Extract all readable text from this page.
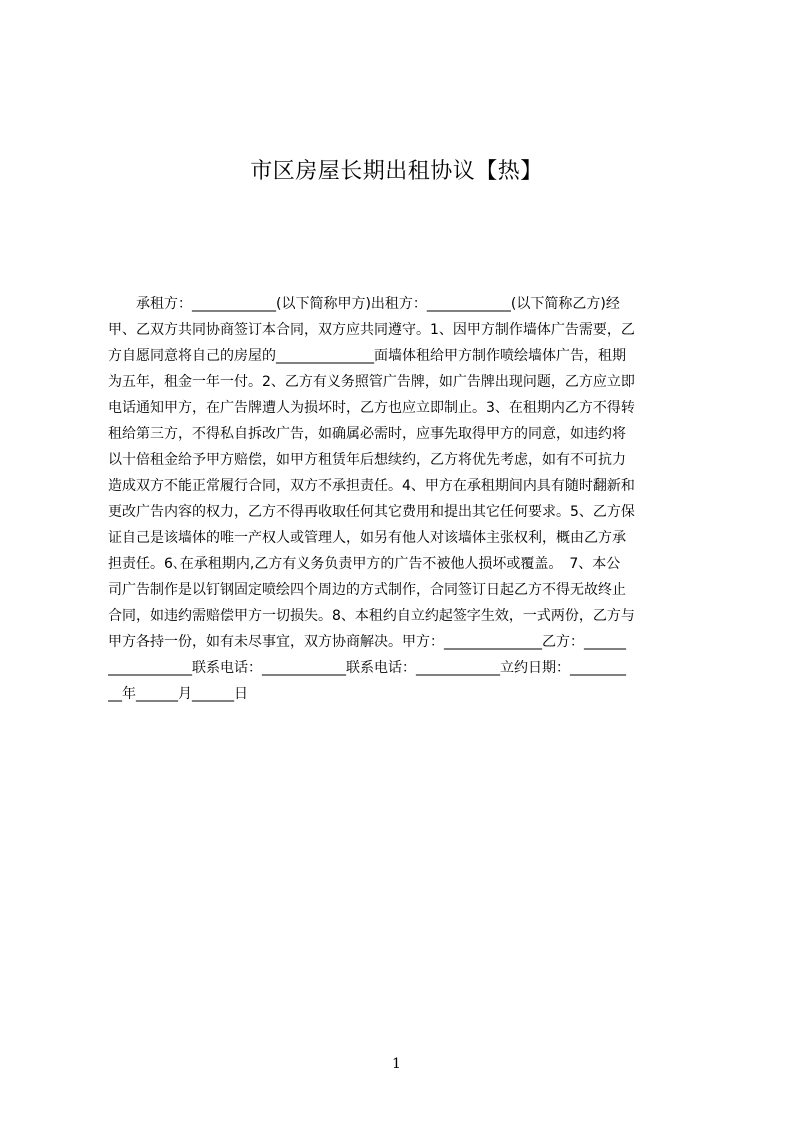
市区房屋长期出租协议【热】
　　承租方：____________(以下简称甲方)出租方：____________(以下简称乙方)经
甲、乙双方共同协商签订本合同，双方应共同遵守。1、因甲方制作墙体广告需要，乙
方自愿同意将自己的房屋的______________面墙体租给甲方制作喷绘墙体广告，租期
为五年，租金一年一付。2、乙方有义务照管广告牌，如广告牌出现问题，乙方应立即
电话通知甲方，在广告牌遭人为损坏时，乙方也应立即制止。3、在租期内乙方不得转
租给第三方，不得私自拆改广告，如确属必需时，应事先取得甲方的同意，如违约将
以十倍租金给予甲方赔偿，如甲方租赁年后想续约，乙方将优先考虑，如有不可抗力
造成双方不能正常履行合同，双方不承担责任。4、甲方在承租期间内具有随时翻新和
更改广告内容的权力，乙方不得再收取任何其它费用和提出其它任何要求。5、乙方保
证自己是该墙体的唯一产权人或管理人，如另有他人对该墙体主张权利，概由乙方承
担责任。6､在承租期内,乙方有义务负责甲方的广告不被他人损坏或覆盖。　7、本公
司广告制作是以钉钢固定喷绘四个周边的方式制作，合同签订日起乙方不得无故终止
合同，如违约需赔偿甲方一切损失。8、本租约自立约起签字生效，一式两份，乙方与
甲方各持一份，如有未尽事宜，双方协商解决。甲方：______________乙方：______
____________联系电话：____________联系电话：____________立约日期：________
__年______月______日
1
